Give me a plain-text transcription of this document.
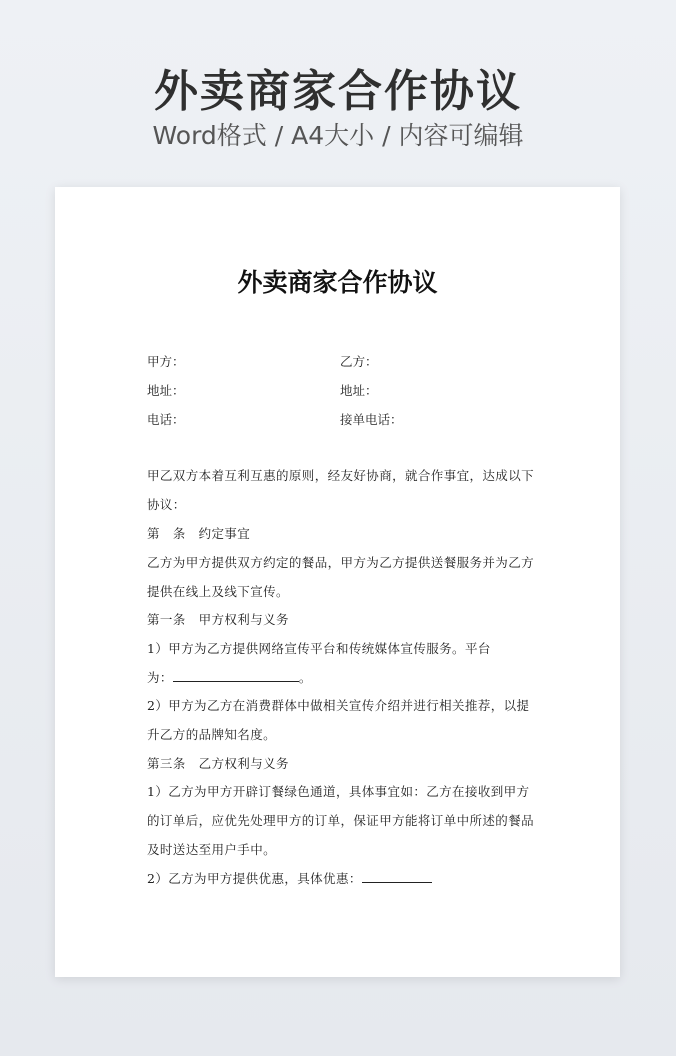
外卖商家合作协议
Word格式 / A4大小 / 内容可编辑
外卖商家合作协议
甲方：	乙方：
地址：	地址：
电话：	接单电话：
甲乙双方本着互利互惠的原则，经友好协商，就合作事宜，达成以下
协议：
第　条　约定事宜
乙方为甲方提供双方约定的餐品，甲方为乙方提供送餐服务并为乙方
提供在线上及线下宣传。
第一条　甲方权利与义务
1）甲方为乙方提供网络宣传平台和传统媒体宣传服务。平台
为：	。
2）甲方为乙方在消费群体中做相关宣传介绍并进行相关推荐，以提
升乙方的品牌知名度。
第三条　乙方权利与义务
1）乙方为甲方开辟订餐绿色通道，具体事宜如：乙方在接收到甲方
的订单后，应优先处理甲方的订单，保证甲方能将订单中所述的餐品
及时送达至用户手中。
2）乙方为甲方提供优惠，具体优惠：
